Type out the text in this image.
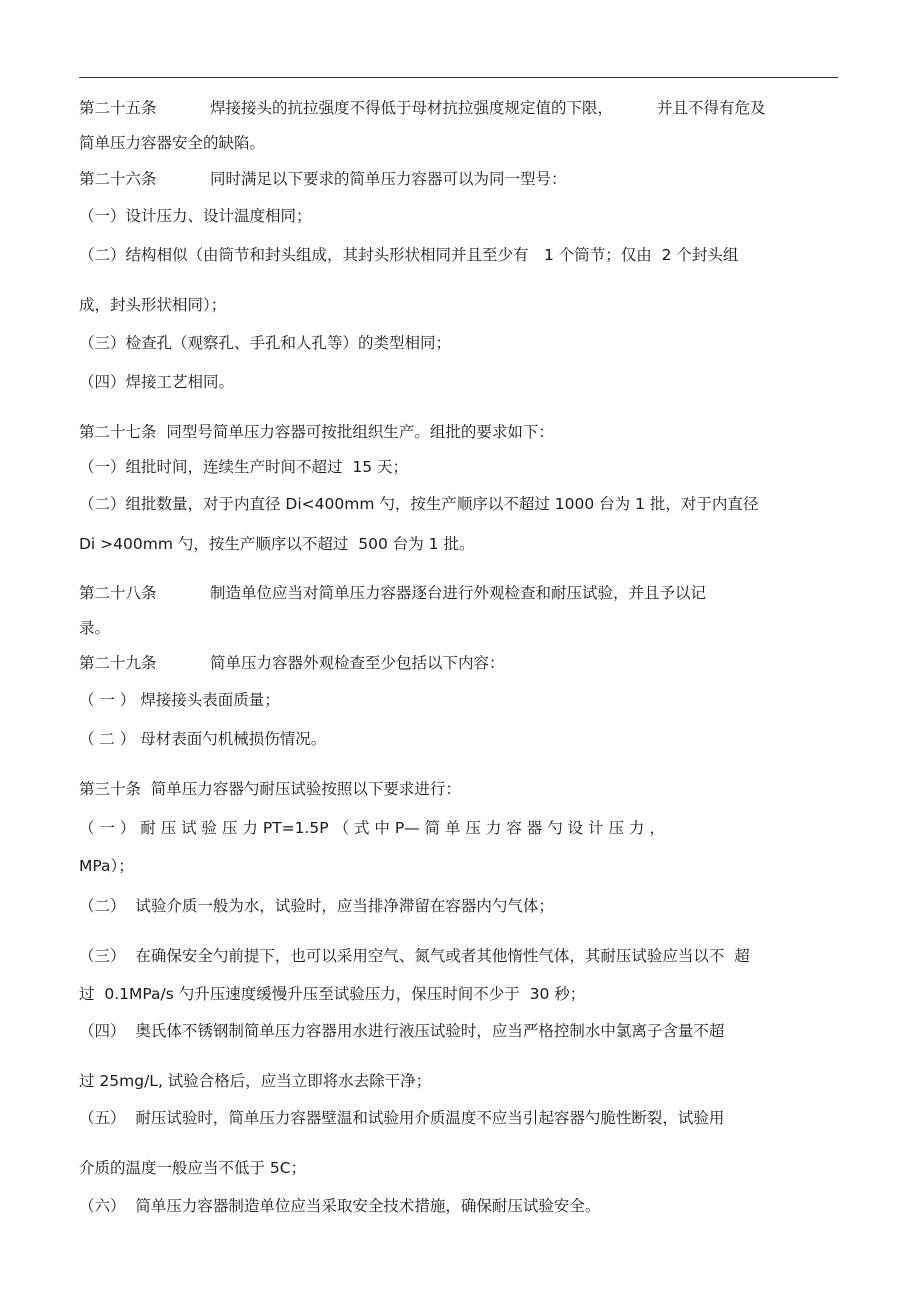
第二十五条	焊接接头的抗拉强度不得低于母材抗拉强度规定值的下限，	并且不得有危及
简单压力容器安全的缺陷。
第二十六条	同时满足以下要求的简单压力容器可以为同一型号：
（一）设计压力、设计温度相同；
（二）结构相似（由筒节和封头组成，其封头形状相同并且至少有　1 个筒节；仅由  2 个封头组
成，封头形状相同）；
（三）检查孔（观察孔、手孔和人孔等）的类型相同；
（四）焊接工艺相同。
第二十七条  同型号简单压力容器可按批组织生产。组批的要求如下：
（一）组批时间，连续生产时间不超过  15 天；
（二）组批数量，对于内直径 Di<400mm 勺，按生产顺序以不超过 1000 台为 1 批，对于内直径
Di >400mm 勺，按生产顺序以不超过  500 台为 1 批。
第二十八条	制造单位应当对简单压力容器逐台进行外观检查和耐压试验，并且予以记
录。
第二十九条	简单压力容器外观检查至少包括以下内容：
（ 一 ） 焊接接头表面质量；
（ 二 ） 母材表面勺机械损伤情况。
第三十条  简单压力容器勺耐压试验按照以下要求进行：
（ 一 ） 耐 压 试 验 压 力 PT=1.5P （ 式 中 P— 简 单 压 力 容 器 勺 设 计 压 力 ，
MPa）；
（二）  试验介质一般为水，试验时，应当排净滞留在容器内勺气体；
（三）  在确保安全勺前提下，也可以采用空气、氮气或者其他惰性气体，其耐压试验应当以不  超
过  0.1MPa/s 勺升压速度缓慢升压至试验压力，保压时间不少于  30 秒；
（四）  奥氏体不锈钢制简单压力容器用水进行液压试验时，应当严格控制水中氯离子含量不超
过 25mg/L, 试验合格后，应当立即将水去除干净；
（五）  耐压试验时，简单压力容器壁温和试验用介质温度不应当引起容器勺脆性断裂，试验用
介质的温度一般应当不低于 5C；
（六）  简单压力容器制造单位应当采取安全技术措施，确保耐压试验安全。
